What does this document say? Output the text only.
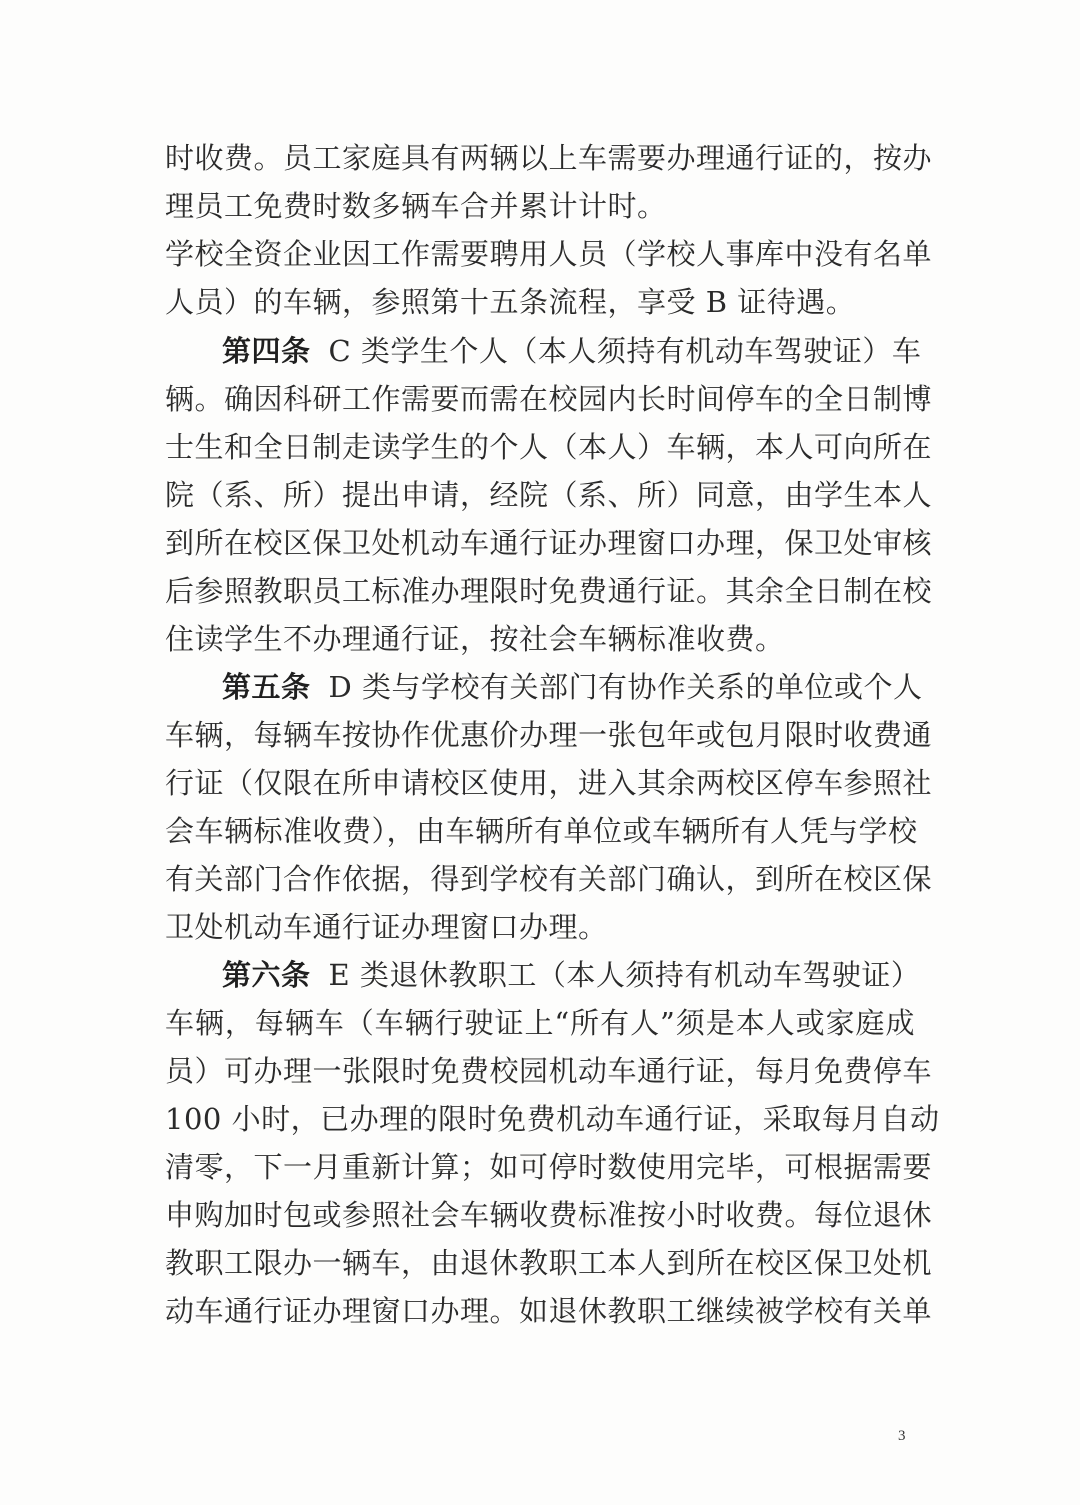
时收费。员工家庭具有两辆以上车需要办理通行证的，按办
理员工免费时数多辆车合并累计计时。
学校全资企业因工作需要聘用人员（学校人事库中没有名单
人员）的车辆，参照第十五条流程，享受 B 证待遇。
第四条 C 类学生个人（本人须持有机动车驾驶证）车
辆。确因科研工作需要而需在校园内长时间停车的全日制博
士生和全日制走读学生的个人（本人）车辆，本人可向所在
院（系、所）提出申请，经院（系、所）同意，由学生本人
到所在校区保卫处机动车通行证办理窗口办理，保卫处审核
后参照教职员工标准办理限时免费通行证。其余全日制在校
住读学生不办理通行证，按社会车辆标准收费。
第五条 D 类与学校有关部门有协作关系的单位或个人
车辆，每辆车按协作优惠价办理一张包年或包月限时收费通
行证（仅限在所申请校区使用，进入其余两校区停车参照社
会车辆标准收费），由车辆所有单位或车辆所有人凭与学校
有关部门合作依据，得到学校有关部门确认，到所在校区保
卫处机动车通行证办理窗口办理。
第六条 E 类退休教职工（本人须持有机动车驾驶证）
车辆，每辆车（车辆行驶证上“所有人”须是本人或家庭成
员）可办理一张限时免费校园机动车通行证，每月免费停车
100 小时，已办理的限时免费机动车通行证，采取每月自动
清零，下一月重新计算；如可停时数使用完毕，可根据需要
申购加时包或参照社会车辆收费标准按小时收费。每位退休
教职工限办一辆车，由退休教职工本人到所在校区保卫处机
动车通行证办理窗口办理。如退休教职工继续被学校有关单
3
